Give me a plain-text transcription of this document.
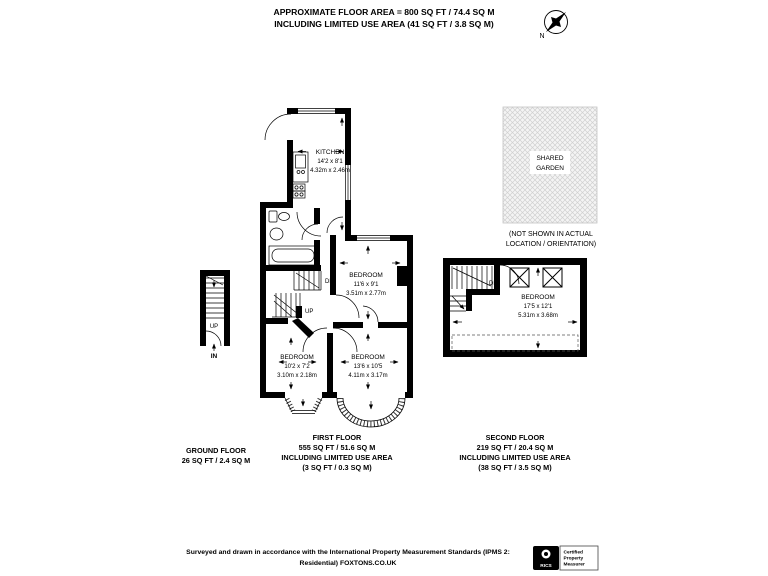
APPROXIMATE FLOOR AREA = 800 SQ FT / 74.4 SQ M
INCLUDING LIMITED USE AREA (41 SQ FT / 3.8 SQ M)
N
SHARED
GARDEN
(NOT SHOWN IN ACTUAL
LOCATION / ORIENTATION)
UP
IN
DN
UP
KITCHEN
14'2 x 8'1
4.32m x 2.46m
BEDROOM
11'6 x 9'1
3.51m x 2.77m
BEDROOM
10'2 x 7'2
3.10m x 2.18m
BEDROOM
13'6 x 10'5
4.11m x 3.17m
DN
BEDROOM
17'5 x 12'1
5.31m x 3.68m
GROUND FLOOR
26 SQ FT / 2.4 SQ M
FIRST FLOOR
555 SQ FT / 51.6 SQ M
INCLUDING LIMITED USE AREA
(3 SQ FT / 0.3 SQ M)
SECOND FLOOR
219 SQ FT / 20.4 SQ M
INCLUDING LIMITED USE AREA
(38 SQ FT / 3.5 SQ M)
Surveyed and drawn in accordance with the International Property Measurement Standards (IPMS 2:
Residential) FOXTONS.CO.UK	RICS
Certified
Property
Measurer
